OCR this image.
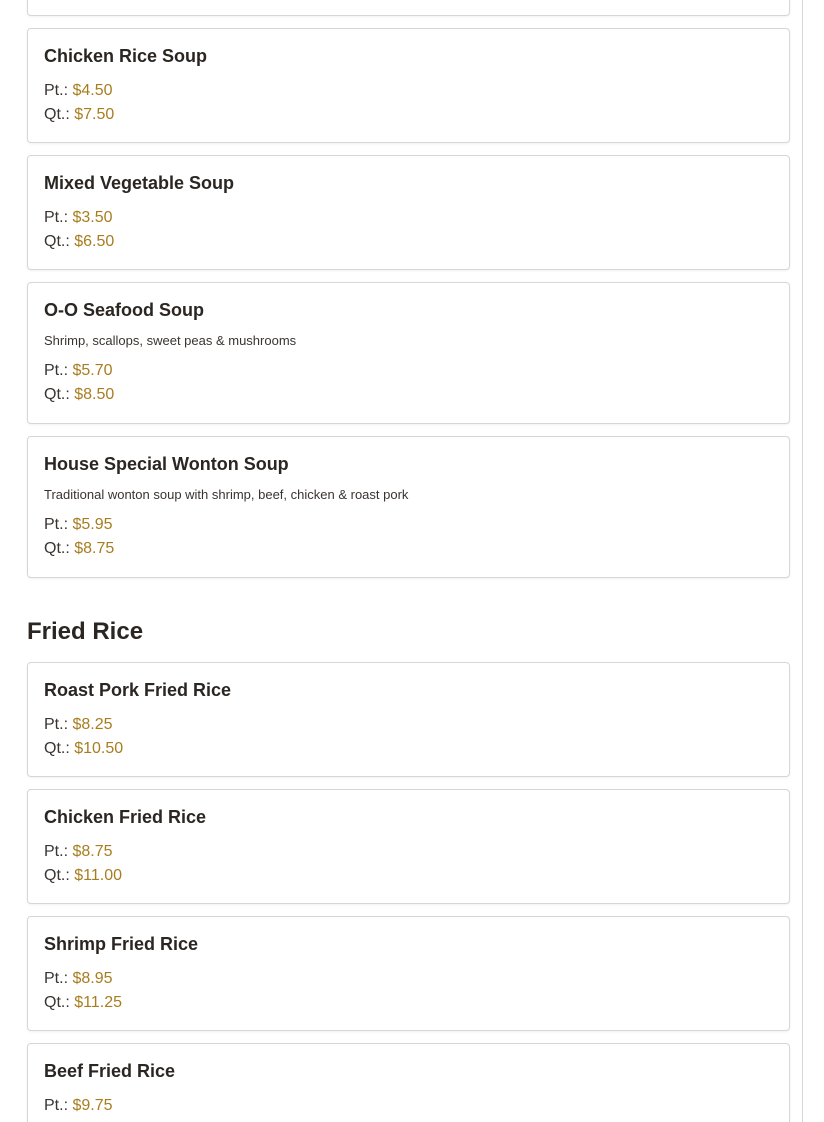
Chicken Rice Soup
Pt.: $4.50
Qt.: $7.50
Mixed Vegetable Soup
Pt.: $3.50
Qt.: $6.50
O-O Seafood Soup
Shrimp, scallops, sweet peas & mushrooms
Pt.: $5.70
Qt.: $8.50
House Special Wonton Soup
Traditional wonton soup with shrimp, beef, chicken & roast pork
Pt.: $5.95
Qt.: $8.75
Fried Rice
Roast Pork Fried Rice
Pt.: $8.25
Qt.: $10.50
Chicken Fried Rice
Pt.: $8.75
Qt.: $11.00
Shrimp Fried Rice
Pt.: $8.95
Qt.: $11.25
Beef Fried Rice
Pt.: $9.75
